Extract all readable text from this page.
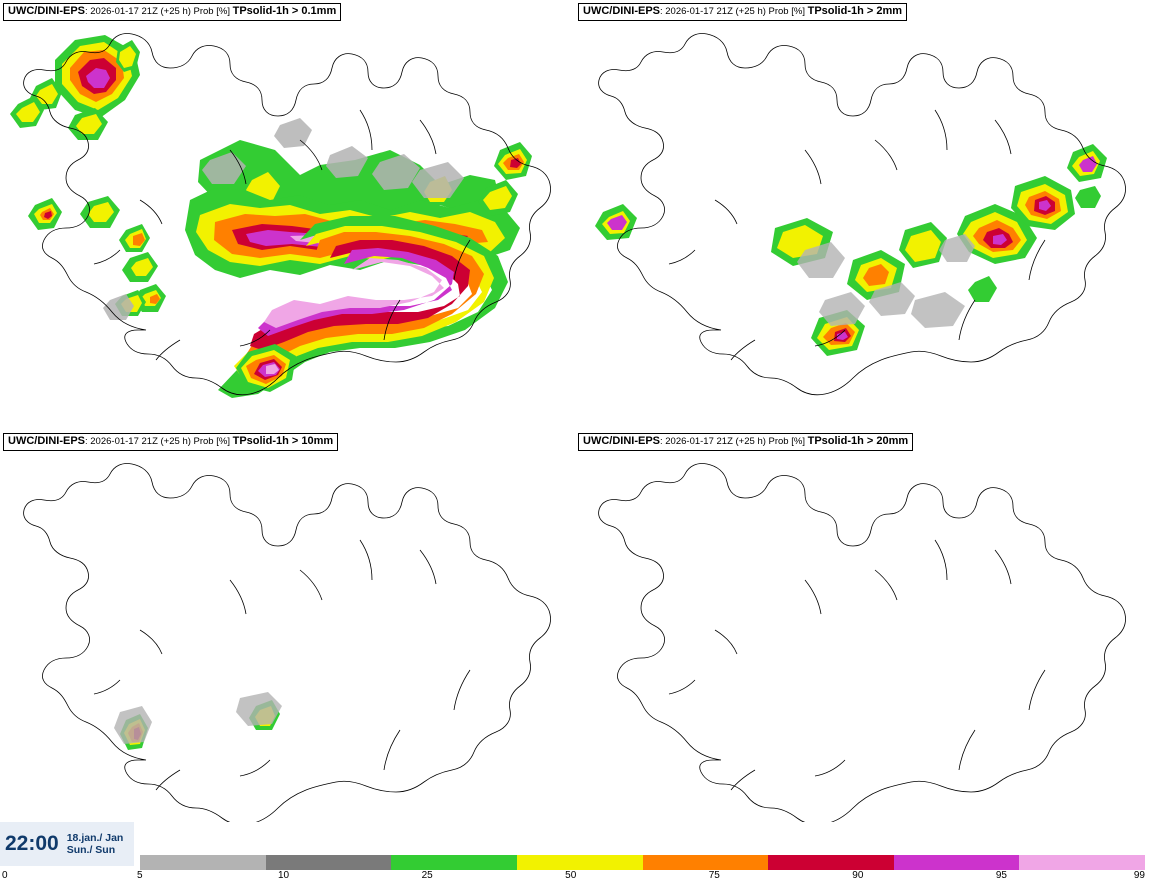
UWC/DINI-EPS: 2026-01-17 21Z (+25 h) Prob [%] TPsolid-1h > 0.1mm	UWC/DINI-EPS: 2026-01-17 21Z (+25 h) Prob [%] TPsolid-1h > 2mm
UWC/DINI-EPS: 2026-01-17 21Z (+25 h) Prob [%] TPsolid-1h > 10mm	UWC/DINI-EPS: 2026-01-17 21Z (+25 h) Prob [%] TPsolid-1h > 20mm
22:00 18.jan./ Jan
Sun./ Sun
0	5	10	25	50	75	90	95	99
